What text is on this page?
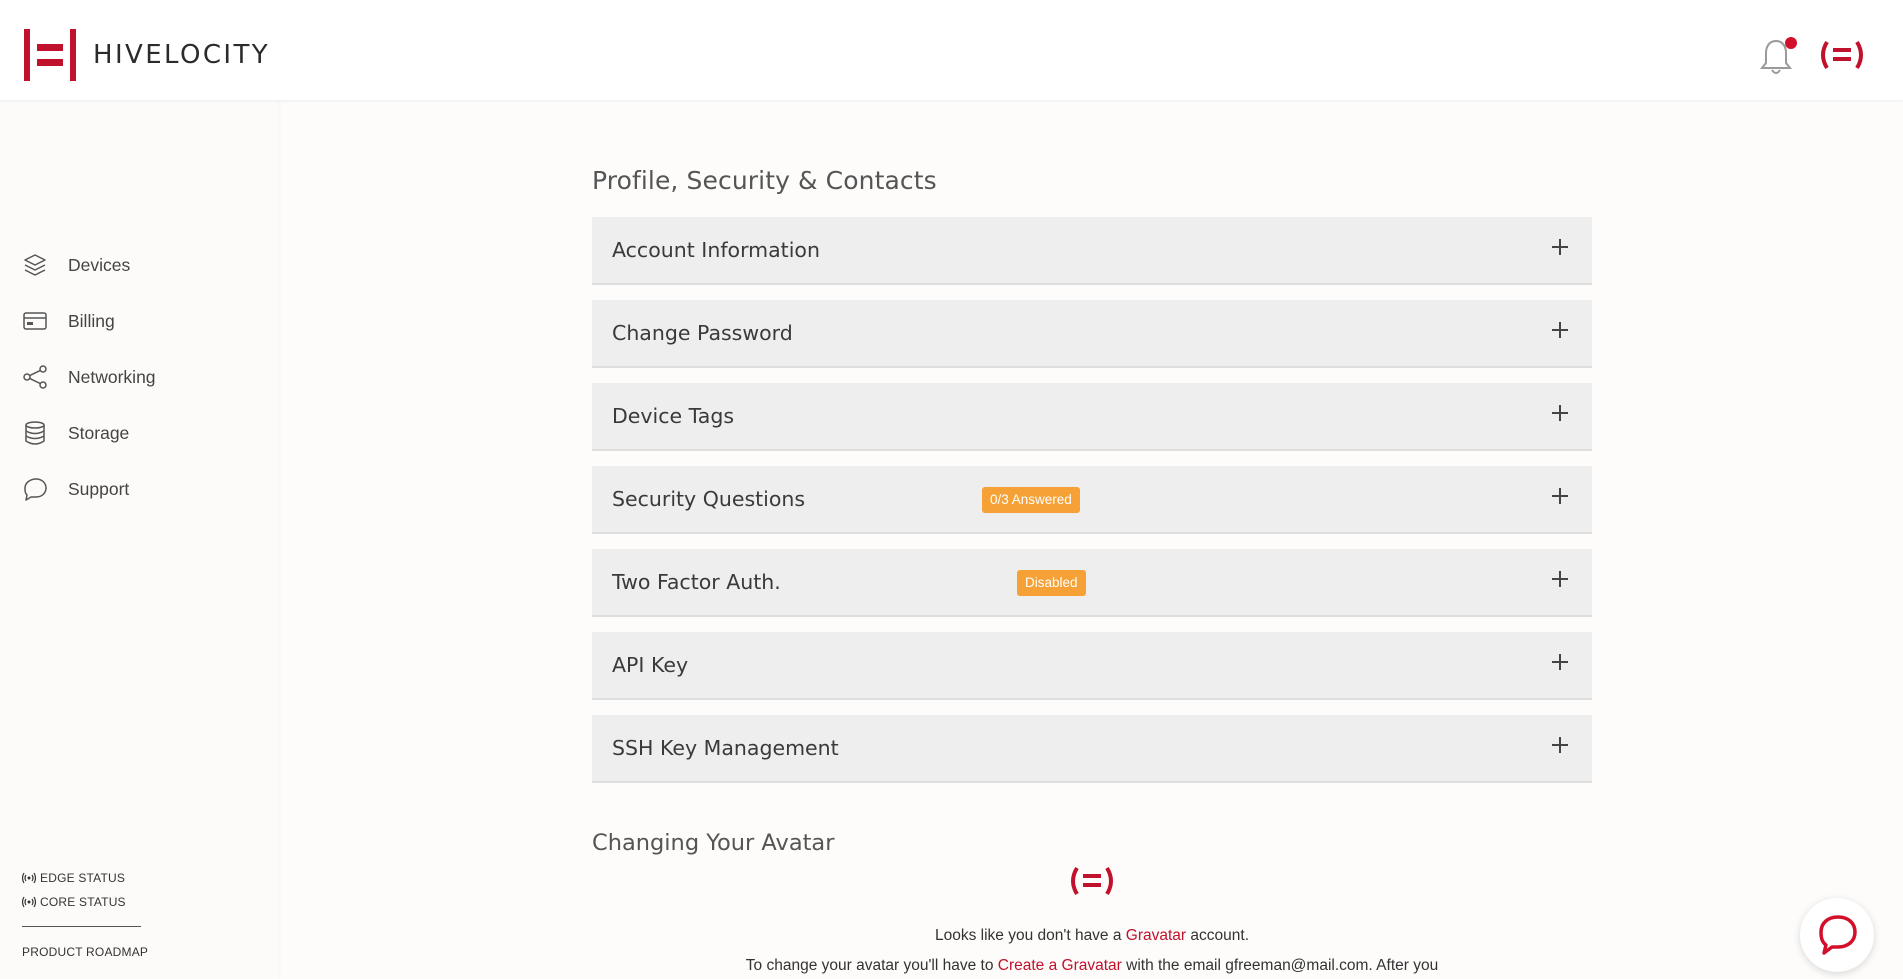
HIVELOCITY
Devices
Billing
Networking
Storage
Support
EDGE STATUS
CORE STATUS
PRODUCT ROADMAP
Profile, Security & Contacts
Account Information
Change Password
Device Tags
Security Questions	0/3 Answered
Two Factor Auth.	Disabled
API Key
SSH Key Management
Changing Your Avatar
Looks like you don't have a Gravatar account.
To change your avatar you'll have to Create a Gravatar with the email gfreeman@mail.com. After you
